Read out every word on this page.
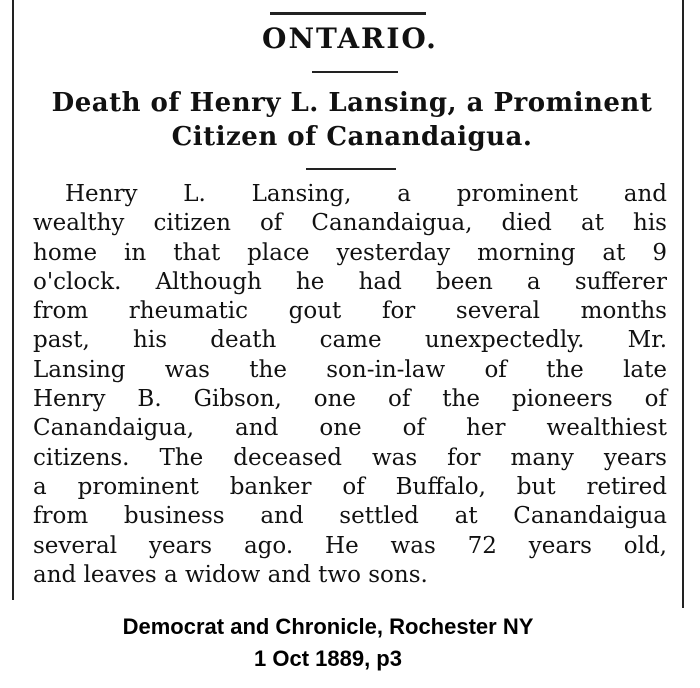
ONTARIO.
Death of Henry L. Lansing, a Prominent
Citizen of Canandaigua.
Henry L. Lansing, a prominent and
wealthy citizen of Canandaigua, died at his
home in that place yesterday morning at 9
o'clock. Although he had been a sufferer
from rheumatic gout for several months
past, his death came unexpectedly. Mr.
Lansing was the son-in-law of the late
Henry B. Gibson, one of the pioneers of
Canandaigua, and one of her wealthiest
citizens. The deceased was for many years
a prominent banker of Buffalo, but retired
from business and settled at Canandaigua
several years ago. He was 72 years old,
and leaves a widow and two sons.
Democrat and Chronicle, Rochester NY
1 Oct 1889, p3
